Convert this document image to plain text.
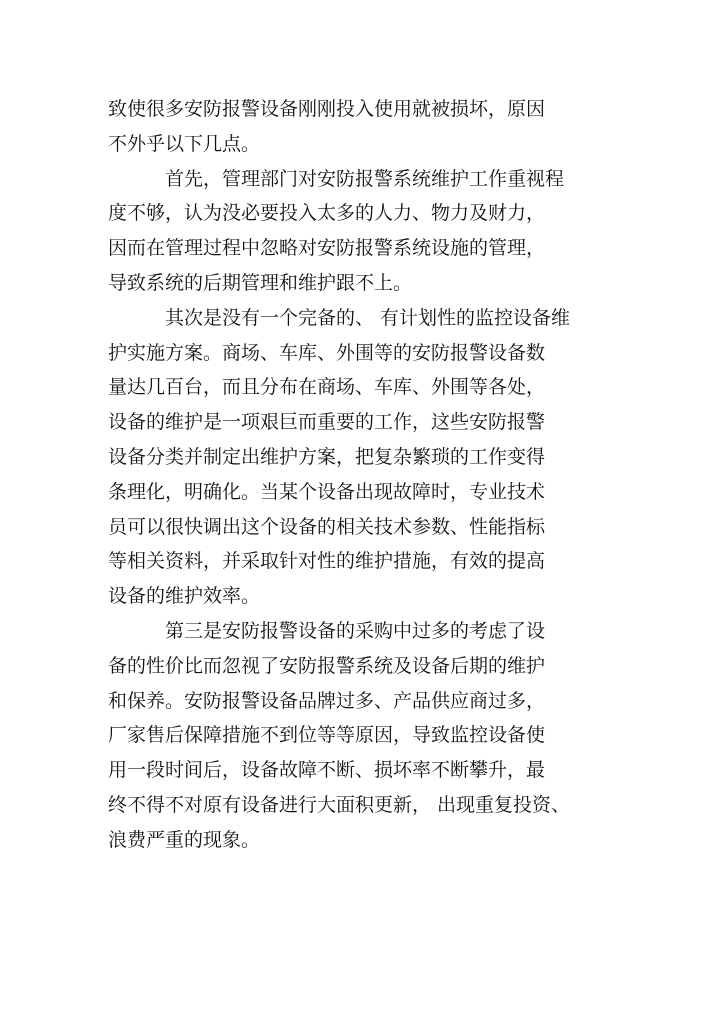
致使很多安防报警设备刚刚投入使用就被损坏，原因
不外乎以下几点。
首先，管理部门对安防报警系统维护工作重视程
度不够，认为没必要投入太多的人力、物力及财力，
因而在管理过程中忽略对安防报警系统设施的管理，
导致系统的后期管理和维护跟不上。
其次是没有一个完备的、 有计划性的监控设备维
护实施方案。商场、车库、外围等的安防报警设备数
量达几百台，而且分布在商场、车库、外围等各处，
设备的维护是一项艰巨而重要的工作，这些安防报警
设备分类并制定出维护方案，把复杂繁琐的工作变得
条理化，明确化。当某个设备出现故障时，专业技术
员可以很快调出这个设备的相关技术参数、性能指标
等相关资料，并采取针对性的维护措施，有效的提高
设备的维护效率。
第三是安防报警设备的采购中过多的考虑了设
备的性价比而忽视了安防报警系统及设备后期的维护
和保养。安防报警设备品牌过多、产品供应商过多，
厂家售后保障措施不到位等等原因，导致监控设备使
用一段时间后，设备故障不断、损坏率不断攀升，最
终不得不对原有设备进行大面积更新， 出现重复投资、
浪费严重的现象。
